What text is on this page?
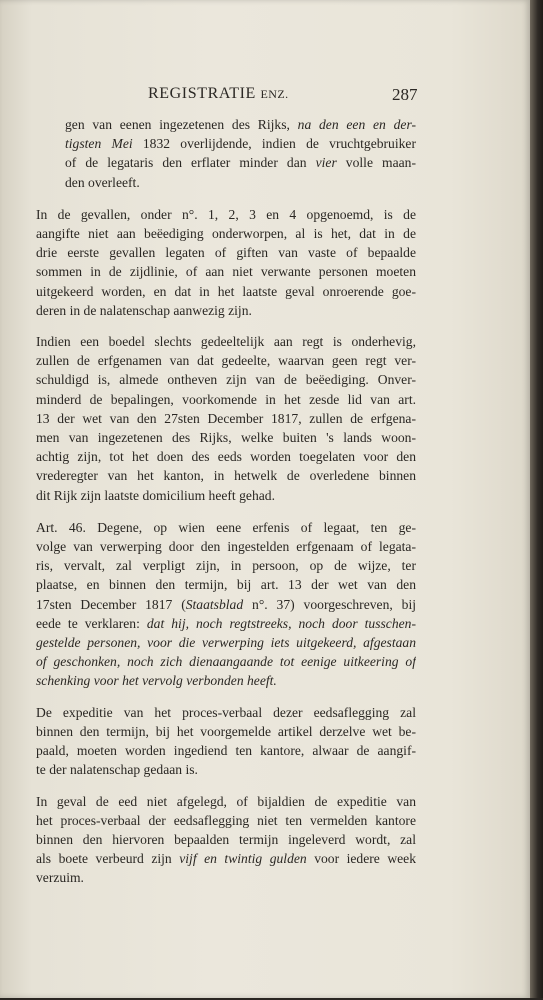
REGISTRATIE ENZ.	287
gen van eenen ingezetenen des Rijks, na den een en der-
tigsten Mei 1832 overlijdende, indien de vruchtgebruiker
of de legataris den erflater minder dan vier volle maan-
den overleeft.
In de gevallen, onder n°. 1, 2, 3 en 4 opgenoemd, is de
aangifte niet aan beëediging onderworpen, al is het, dat in de
drie eerste gevallen legaten of giften van vaste of bepaalde
sommen in de zijdlinie, of aan niet verwante personen moeten
uitgekeerd worden, en dat in het laatste geval onroerende goe-
deren in de nalatenschap aanwezig zijn.
Indien een boedel slechts gedeeltelijk aan regt is onderhevig,
zullen de erfgenamen van dat gedeelte, waarvan geen regt ver-
schuldigd is, almede ontheven zijn van de beëediging. Onver-
minderd de bepalingen, voorkomende in het zesde lid van art.
13 der wet van den 27sten December 1817, zullen de erfgena-
men van ingezetenen des Rijks, welke buiten 's lands woon-
achtig zijn, tot het doen des eeds worden toegelaten voor den
vrederegter van het kanton, in hetwelk de overledene binnen
dit Rijk zijn laatste domicilium heeft gehad.
Art. 46. Degene, op wien eene erfenis of legaat, ten ge-
volge van verwerping door den ingestelden erfgenaam of legata-
ris, vervalt, zal verpligt zijn, in persoon, op de wijze, ter
plaatse, en binnen den termijn, bij art. 13 der wet van den
17sten December 1817 (Staatsblad n°. 37) voorgeschreven, bij
eede te verklaren: dat hij, noch regtstreeks, noch door tusschen-
gestelde personen, voor die verwerping iets uitgekeerd, afgestaan
of geschonken, noch zich dienaangaande tot eenige uitkeering of
schenking voor het vervolg verbonden heeft.
De expeditie van het proces-verbaal dezer eedsaflegging zal
binnen den termijn, bij het voorgemelde artikel derzelve wet be-
paald, moeten worden ingediend ten kantore, alwaar de aangif-
te der nalatenschap gedaan is.
In geval de eed niet afgelegd, of bijaldien de expeditie van
het proces-verbaal der eedsaflegging niet ten vermelden kantore
binnen den hiervoren bepaalden termijn ingeleverd wordt, zal
als boete verbeurd zijn vijf en twintig gulden voor iedere week
verzuim.
